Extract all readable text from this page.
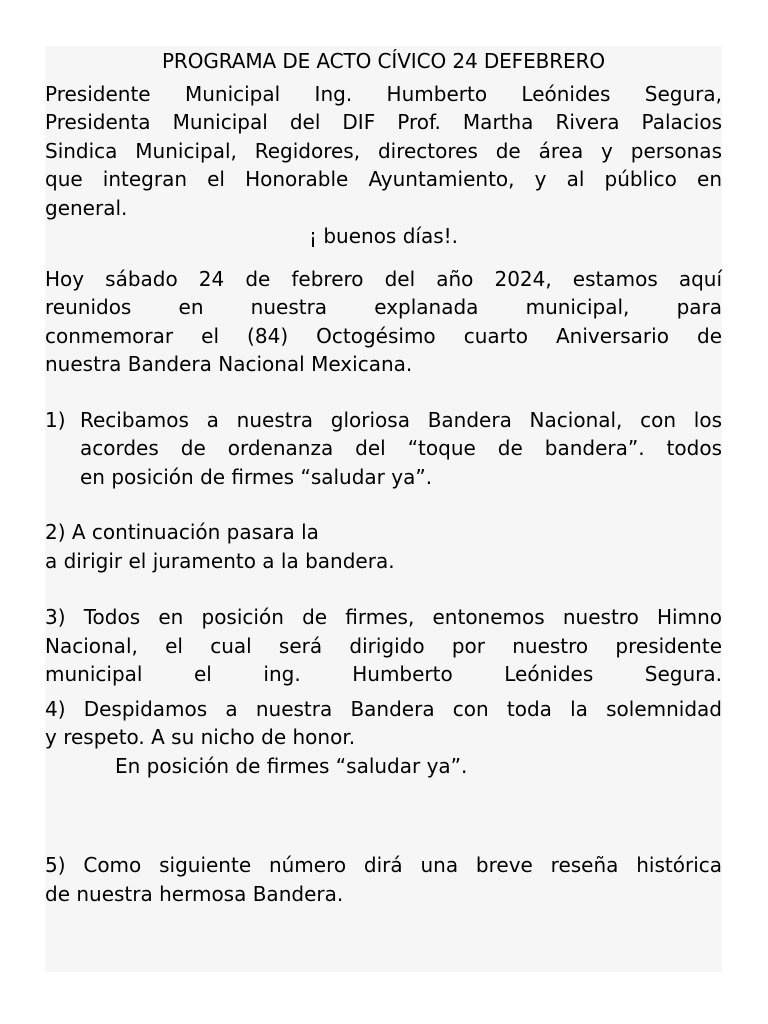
PROGRAMA DE ACTO CÍVICO 24 DEFEBRERO
Presidente Municipal Ing. Humberto Leónides Segura,
Presidenta Municipal del DIF Prof. Martha Rivera Palacios
Sindica Municipal, Regidores, directores de área y personas
que integran el Honorable Ayuntamiento, y al público en
general.

¡ buenos días!.

Hoy sábado 24 de febrero del año 2024, estamos aquí
reunidos en nuestra explanada municipal, para
conmemorar el (84) Octogésimo cuarto Aniversario de
nuestra Bandera Nacional Mexicana.
1) Recibamos a nuestra gloriosa Bandera Nacional, con los
acordes de ordenanza del “toque de bandera”. todos
en posición de firmes “saludar ya”.
2) A continuación pasara la
a dirigir el juramento a la bandera.
3) Todos en posición de firmes, entonemos nuestro Himno
Nacional, el cual será dirigido por nuestro presidente
municipal el ing. Humberto Leónides Segura.
4) Despidamos a nuestra Bandera con toda la solemnidad
y respeto. A su nicho de honor.
En posición de firmes “saludar ya”.
5) Como siguiente número dirá una breve reseña histórica
de nuestra hermosa Bandera.
